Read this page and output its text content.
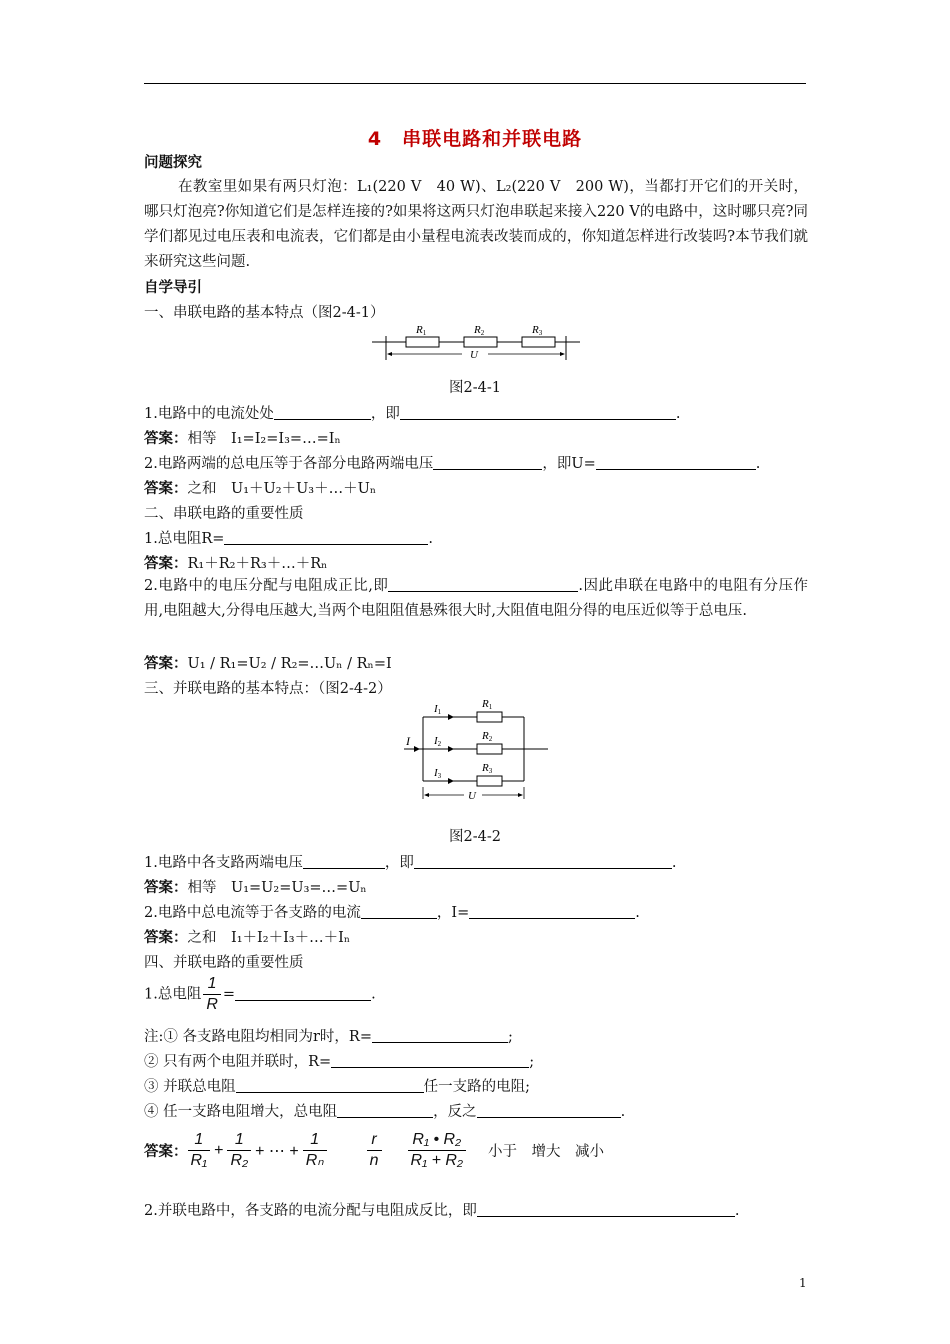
4　串联电路和并联电路
问题探究
在教室里如果有两只灯泡：L₁(220 V　40 W)、L₂(220 V　200 W)，当都打开它们的开关时，哪只灯泡亮?你知道它们是怎样连接的?如果将这两只灯泡串联起来接入220 V的电路中，这时哪只亮?同学们都见过电压表和电流表，它们都是由小量程电流表改装而成的，你知道怎样进行改装吗?本节我们就来研究这些问题.
自学导引
一、串联电路的基本特点（图2-4-1）
R1	R2	R3
U
图2-4-1
1.电路中的电流处处	，即	.
答案：相等　I₁=I₂=I₃=…=Iₙ
2.电路两端的总电压等于各部分电路两端电压	，即U=	.
答案：之和　U₁＋U₂＋U₃＋…＋Uₙ
二、串联电路的重要性质
1.总电阻R=	.
答案：R₁＋R₂＋R₃＋…＋Rₙ
2.电路中的电压分配与电阻成正比,即	.因此串联在电路中的电阻有分压作用,电阻越大,分得电压越大,当两个电阻阻值悬殊很大时,大阻值电阻分得的电压近似等于总电压.
答案：U₁ / R₁=U₂ / R₂=…Uₙ / Rₙ=I
三、并联电路的基本特点：（图2-4-2）
I
I1
I2
I3
R1
R2
R3
U
图2-4-2
1.电路中各支路两端电压	，即	.
答案：相等　U₁=U₂=U₃=…=Uₙ
2.电路中总电流等于各支路的电流	，I=	.
答案：之和　I₁＋I₂＋I₃＋…＋Iₙ
四、并联电路的重要性质
1.总电阻 $\frac{1}{R}$ =	.
注:① 各支路电阻均相同为r时，R=	;
② 只有两个电阻并联时，R=	;
③ 并联总电阻	任一支路的电阻;
④ 任一支路电阻增大，总电阻	，反之	.
答案： $\frac{1}{\text{R₁}} + \frac{1}{\text{R₂}}$ + ⋯ + $\frac{1}{\text{Rₙ}}$	$\frac{r}{n} \frac{\text{R₁ • R₂}}{\text{R₁ + R₂}}$ 小于　增大　减小
2.并联电路中，各支路的电流分配与电阻成反比，即	.
1
